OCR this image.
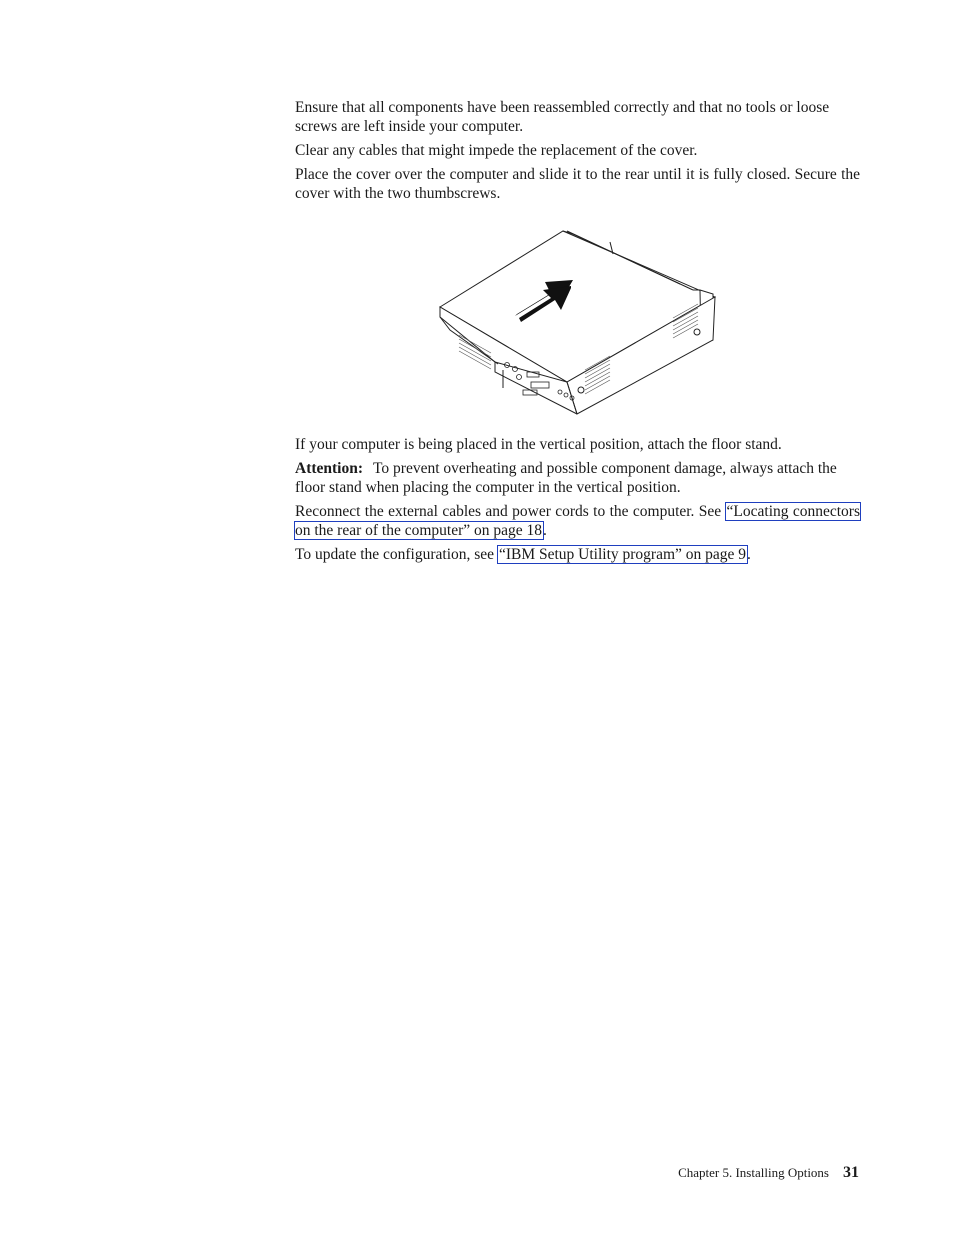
Ensure that all components have been reassembled correctly and that no tools or loose screws are left inside your computer.

Clear any cables that might impede the replacement of the cover.

Place the cover over the computer and slide it to the rear until it is fully closed. Secure the cover with the two thumbscrews.

If your computer is being placed in the vertical position, attach the floor stand.

Attention: To prevent overheating and possible component damage, always attach the floor stand when placing the computer in the vertical position.

Reconnect the external cables and power cords to the computer. See “Locating connectors on the rear of the computer” on page 18.

To update the configuration, see “IBM Setup Utility program” on page 9.

Chapter 5. Installing Options 31
